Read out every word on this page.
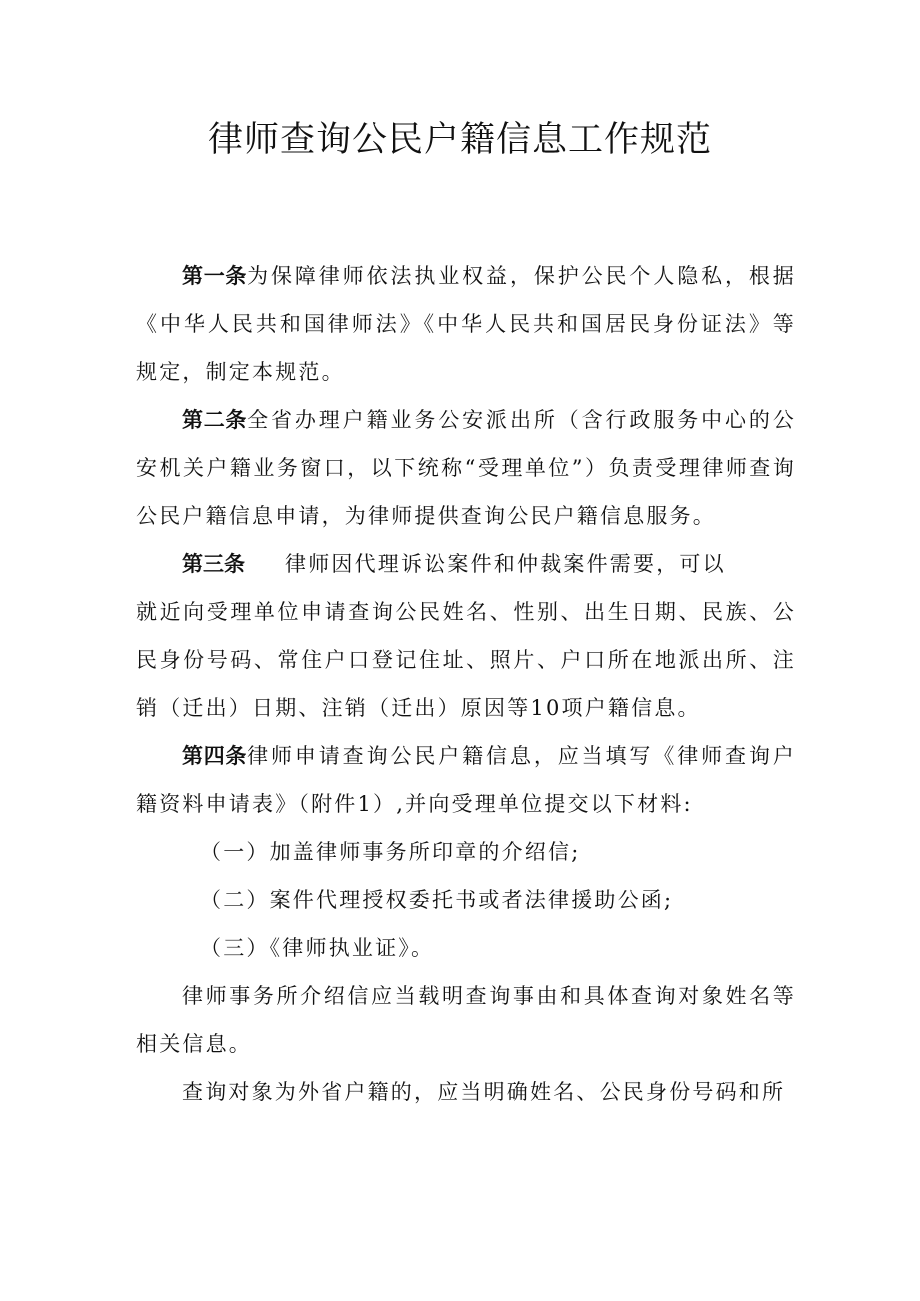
律师查询公民户籍信息工作规范

第一条为保障律师依法执业权益，保护公民个人隐私，根据《中华人民共和国律师法》《中华人民共和国居民身份证法》等规定，制定本规范。

第二条全省办理户籍业务公安派出所（含行政服务中心的公安机关户籍业务窗口，以下统称“受理单位”）负责受理律师查询公民户籍信息申请，为律师提供查询公民户籍信息服务。

第三条 律师因代理诉讼案件和仲裁案件需要，可以

就近向受理单位申请查询公民姓名、性别、出生日期、民族、公民身份号码、常住户口登记住址、照片、户口所在地派出所、注销（迁出）日期、注销（迁出）原因等10项户籍信息。

第四条律师申请查询公民户籍信息，应当填写《律师查询户籍资料申请表》（附件1）,并向受理单位提交以下材料:

（一）加盖律师事务所印章的介绍信;

（二）案件代理授权委托书或者法律援助公函;

（三）《律师执业证》。

律师事务所介绍信应当载明查询事由和具体查询对象姓名等相关信息。

查询对象为外省户籍的，应当明确姓名、公民身份号码和所
